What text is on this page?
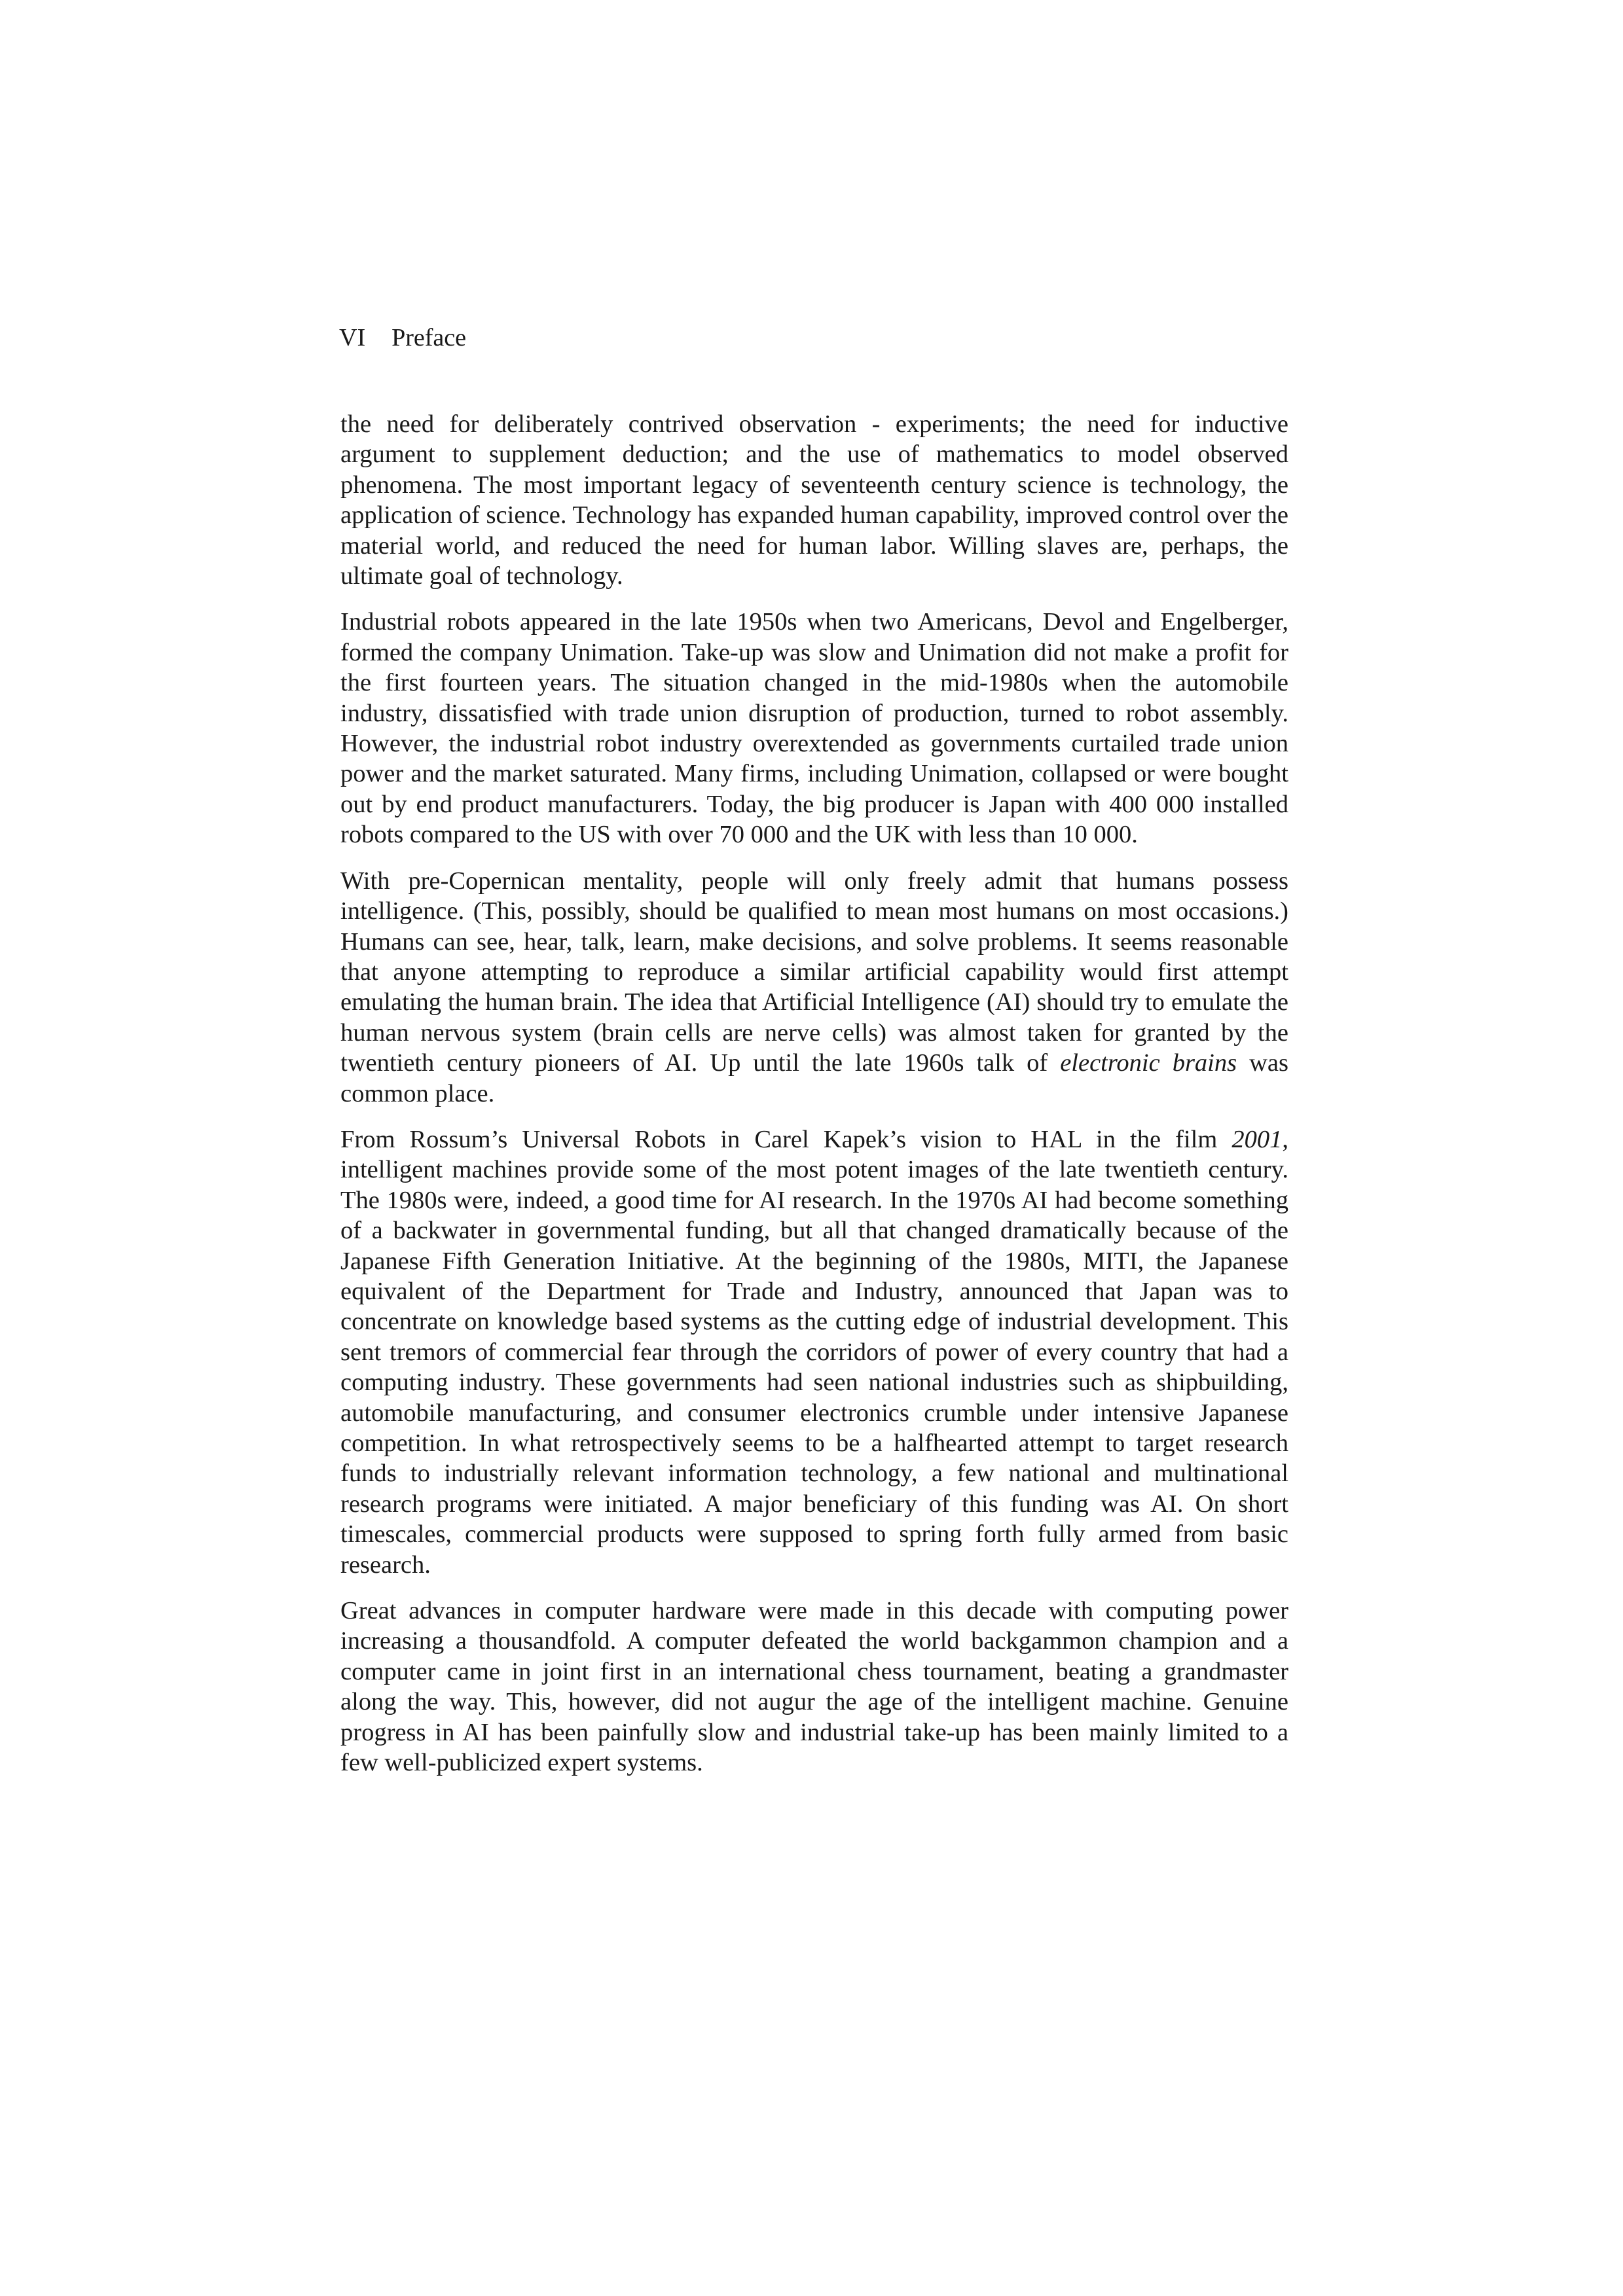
VI Preface

the need for deliberately contrived observation - experiments; the need for inductive argument to supplement deduction; and the use of mathematics to model observed phenomena. The most important legacy of seventeenth century science is technology, the application of science. Technology has expanded human capability, improved control over the material world, and reduced the need for human labor. Willing slaves are, perhaps, the ultimate goal of technology.

Industrial robots appeared in the late 1950s when two Americans, Devol and Engelberger, formed the company Unimation. Take-up was slow and Unimation did not make a profit for the first fourteen years. The situation changed in the mid-1980s when the automobile industry, dissatisfied with trade union disruption of production, turned to robot assembly. However, the industrial robot industry overextended as governments curtailed trade union power and the market saturated. Many firms, including Unimation, collapsed or were bought out by end product manufacturers. Today, the big producer is Japan with 400 000 installed robots compared to the US with over 70 000 and the UK with less than 10 000.

With pre-Copernican mentality, people will only freely admit that humans possess intelligence. (This, possibly, should be qualified to mean most humans on most occasions.) Humans can see, hear, talk, learn, make decisions, and solve problems. It seems reasonable that anyone attempting to reproduce a similar artificial capability would first attempt emulating the human brain. The idea that Artificial Intelligence (AI) should try to emulate the human nervous system (brain cells are nerve cells) was almost taken for granted by the twentieth century pioneers of AI. Up until the late 1960s talk of electronic brains was common place.

From Rossum’s Universal Robots in Carel Kapek’s vision to HAL in the film 2001, intelligent machines provide some of the most potent images of the late twentieth century. The 1980s were, indeed, a good time for AI research. In the 1970s AI had become something of a backwater in governmental funding, but all that changed dramatically because of the Japanese Fifth Generation Initiative. At the beginning of the 1980s, MITI, the Japanese equivalent of the Department for Trade and Industry, announced that Japan was to concentrate on knowledge based systems as the cutting edge of industrial development. This sent tremors of commercial fear through the corridors of power of every country that had a computing industry. These governments had seen national industries such as shipbuilding, automobile manufacturing, and consumer electronics crumble under intensive Japanese competition. In what retrospectively seems to be a halfhearted attempt to target research funds to industrially relevant information technology, a few national and multinational research programs were initiated. A major beneficiary of this funding was AI. On short timescales, commercial products were supposed to spring forth fully armed from basic research.

Great advances in computer hardware were made in this decade with computing power increasing a thousandfold. A computer defeated the world backgammon champion and a computer came in joint first in an international chess tournament, beating a grandmaster along the way. This, however, did not augur the age of the intelligent machine. Genuine progress in AI has been painfully slow and industrial take-up has been mainly limited to a few well-publicized expert systems.
